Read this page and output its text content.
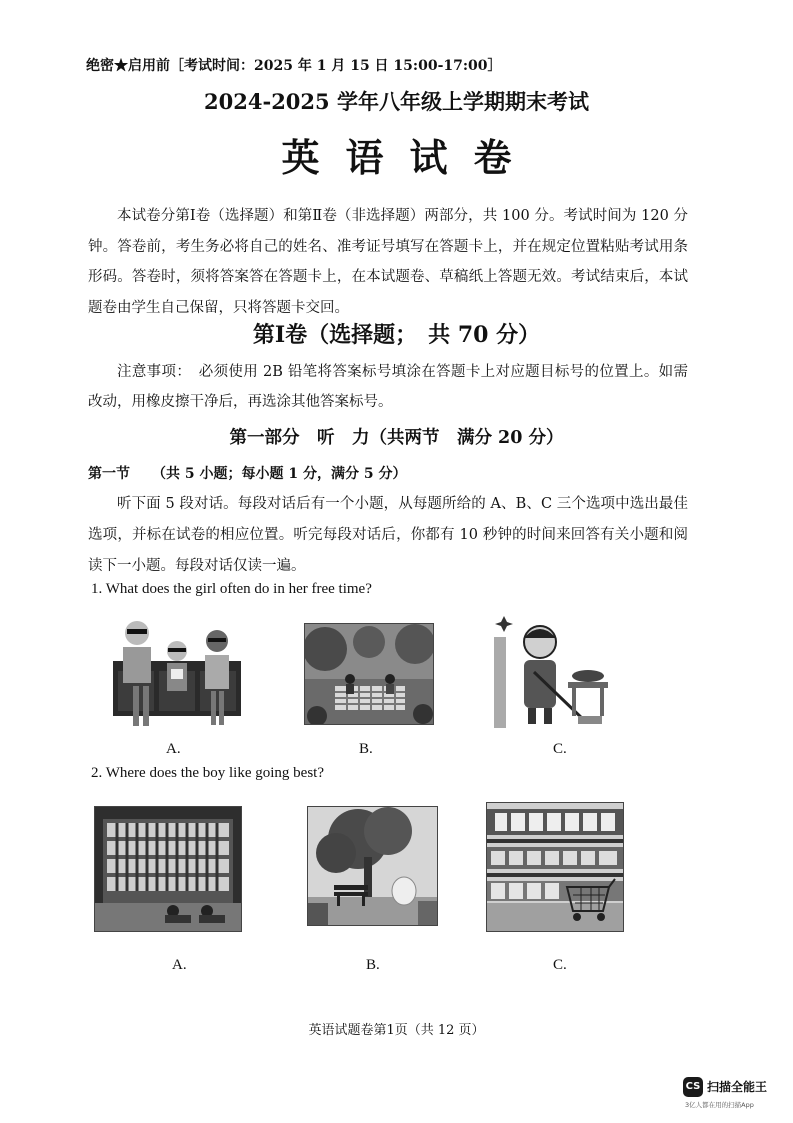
绝密★启用前［考试时间：2025 年 1 月 15 日 15:00-17:00］
2024-2025 学年八年级上学期期末考试
英语试卷
本试卷分第Ⅰ卷（选择题）和第Ⅱ卷（非选择题）两部分，共 100 分。考试时间为 120 分钟。答卷前，考生务必将自己的姓名、准考证号填写在答题卡上，并在规定位置粘贴考试用条形码。答卷时，须将答案答在答题卡上，在本试题卷、草稿纸上答题无效。考试结束后，本试题卷由学生自己保留，只将答题卡交回。
第Ⅰ卷（选择题；　共 70 分）
注意事项：　必须使用 2B 铅笔将答案标号填涂在答题卡上对应题目标号的位置上。如需改动，用橡皮擦干净后，再选涂其他答案标号。
第一部分　听　力（共两节　满分 20 分）
第一节 （共 5 小题；每小题 1 分，满分 5 分）
听下面 5 段对话。每段对话后有一个小题，从每题所给的 A、B、C 三个选项中选出最佳选项，并标在试卷的相应位置。听完每段对话后，你都有 10 秒钟的时间来回答有关小题和阅读下一小题。每段对话仅读一遍。
1. What does the girl often do in her free time?
A.	B.	C.
2. Where does the boy like going best?
A.	B.	C.
英语试题卷第1页（共 12 页）
CS 扫描全能王
3亿人都在用的扫描App
